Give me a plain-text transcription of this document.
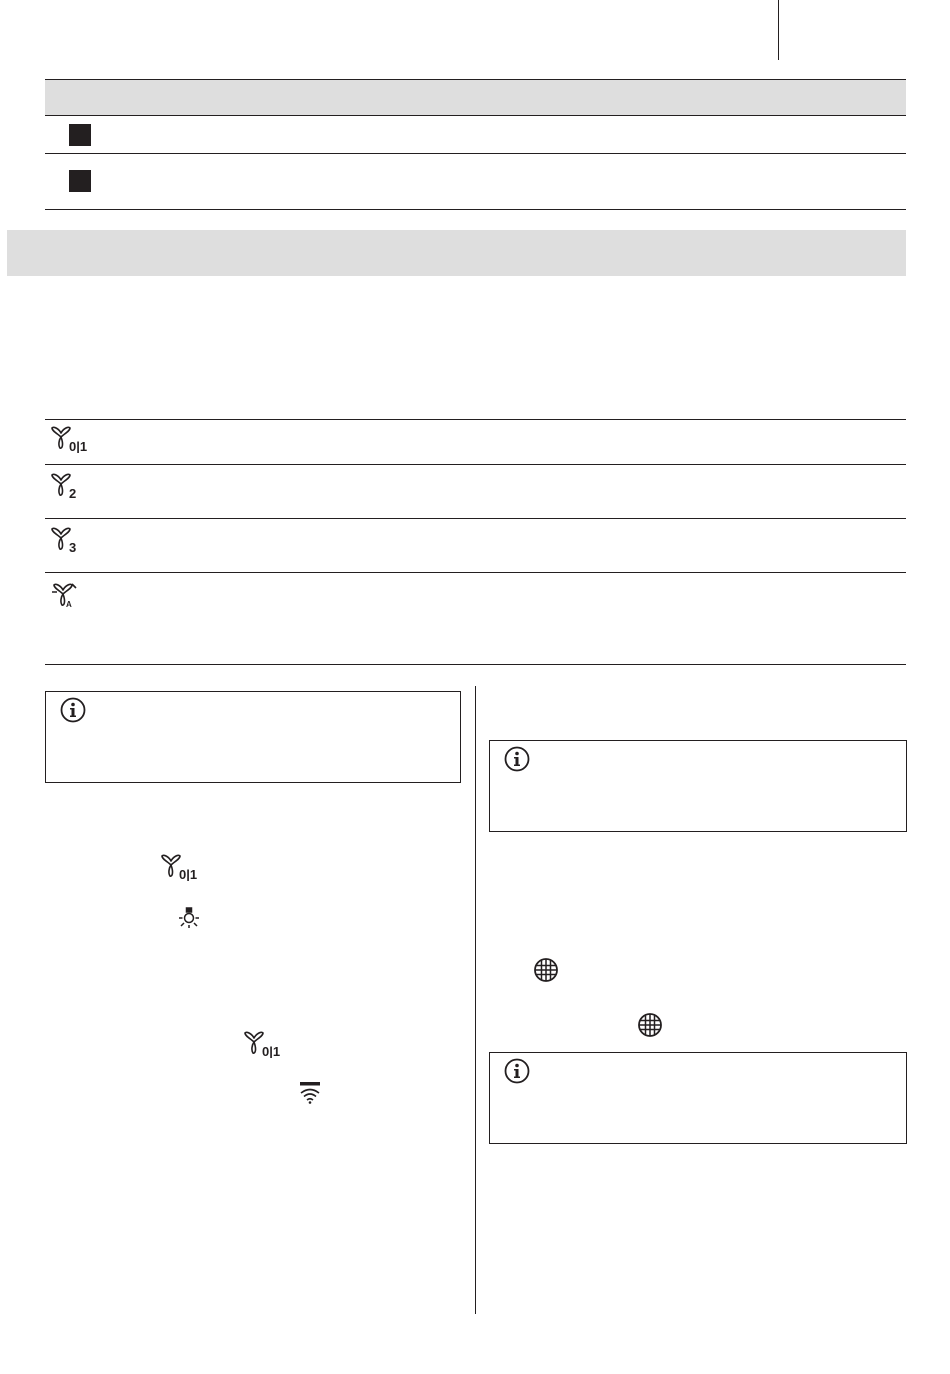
0|1
2
3
A
0|1
0|1
